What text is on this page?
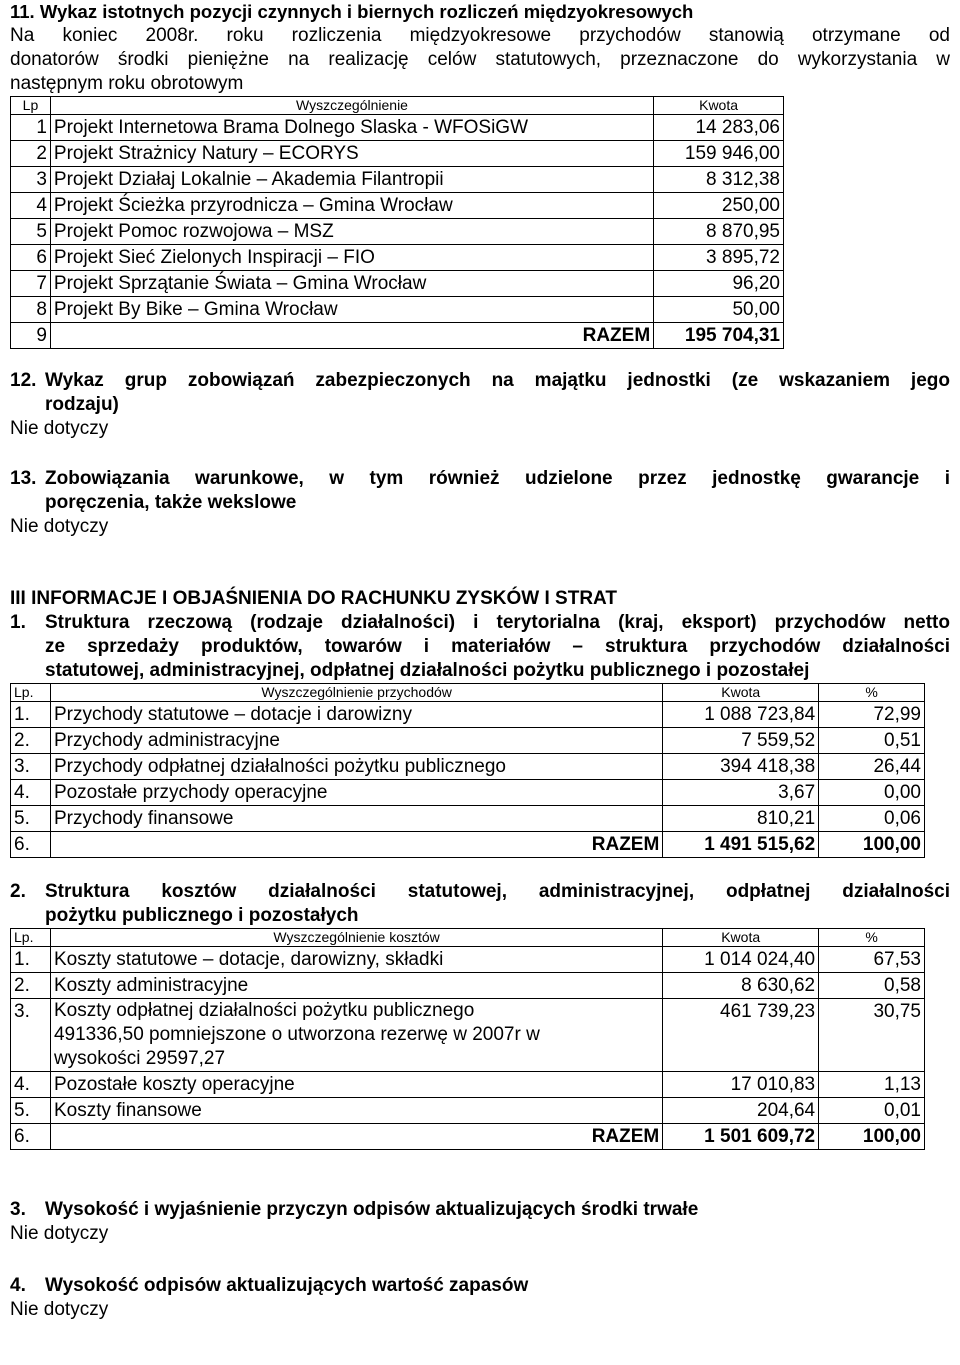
11. Wykaz istotnych pozycji czynnych i biernych rozliczeń międzyokresowych
Na koniec 2008r. roku rozliczenia międzyokresowe przychodów stanowią otrzymane od
donatorów środki pieniężne na realizację celów statutowych, przeznaczone do wykorzystania w
następnym roku obrotowym
Lp	Wyszczególnienie	Kwota
1	Projekt Internetowa Brama Dolnego Slaska - WFOSiGW	14 283,06
2	Projekt Strażnicy Natury – ECORYS	159 946,00
3	Projekt Działaj Lokalnie – Akademia Filantropii	8 312,38
4	Projekt Ścieżka przyrodnicza – Gmina Wrocław	250,00
5	Projekt Pomoc rozwojowa – MSZ	8 870,95
6	Projekt Sieć Zielonych Inspiracji – FIO	3 895,72
7	Projekt Sprzątanie Świata – Gmina Wrocław	96,20
8	Projekt By Bike – Gmina Wrocław	50,00
9	RAZEM	195 704,31
12. Wykaz grup zobowiązań zabezpieczonych na majątku jednostki (ze wskazaniem jego
rodzaju)
Nie dotyczy
13. Zobowiązania warunkowe, w tym również udzielone przez jednostkę gwarancje i
poręczenia, także wekslowe
Nie dotyczy
III INFORMACJE I OBJAŚNIENIA DO RACHUNKU ZYSKÓW I STRAT
1. Struktura rzeczową (rodzaje działalności) i terytorialna (kraj, eksport) przychodów netto
ze sprzedaży produktów, towarów i materiałów – struktura przychodów działalności
statutowej, administracyjnej, odpłatnej działalności pożytku publicznego i pozostałej
Lp.	Wyszczególnienie przychodów	Kwota	%
1.	Przychody statutowe – dotacje i darowizny	1 088 723,84	72,99
2.	Przychody administracyjne	7 559,52	0,51
3.	Przychody odpłatnej działalności pożytku publicznego	394 418,38	26,44
4.	Pozostałe przychody operacyjne	3,67	0,00
5.	Przychody finansowe	810,21	0,06
6.	RAZEM	1 491 515,62	100,00
2. Struktura kosztów działalności statutowej, administracyjnej, odpłatnej działalności
pożytku publicznego i pozostałych
Lp.	Wyszczególnienie kosztów	Kwota	%
1.	Koszty statutowe – dotacje, darowizny, składki	1 014 024,40	67,53
2.	Koszty administracyjne	8 630,62	0,58
3.	Koszty odpłatnej działalności pożytku publicznego
491336,50 pomniejszone o utworzona rezerwę w 2007r w
wysokości 29597,27	461 739,23	30,75
4.	Pozostałe koszty operacyjne	17 010,83	1,13
5.	Koszty finansowe	204,64	0,01
6.	RAZEM	1 501 609,72	100,00
3. Wysokość i wyjaśnienie przyczyn odpisów aktualizujących środki trwałe
Nie dotyczy
4. Wysokość odpisów aktualizujących wartość zapasów
Nie dotyczy
